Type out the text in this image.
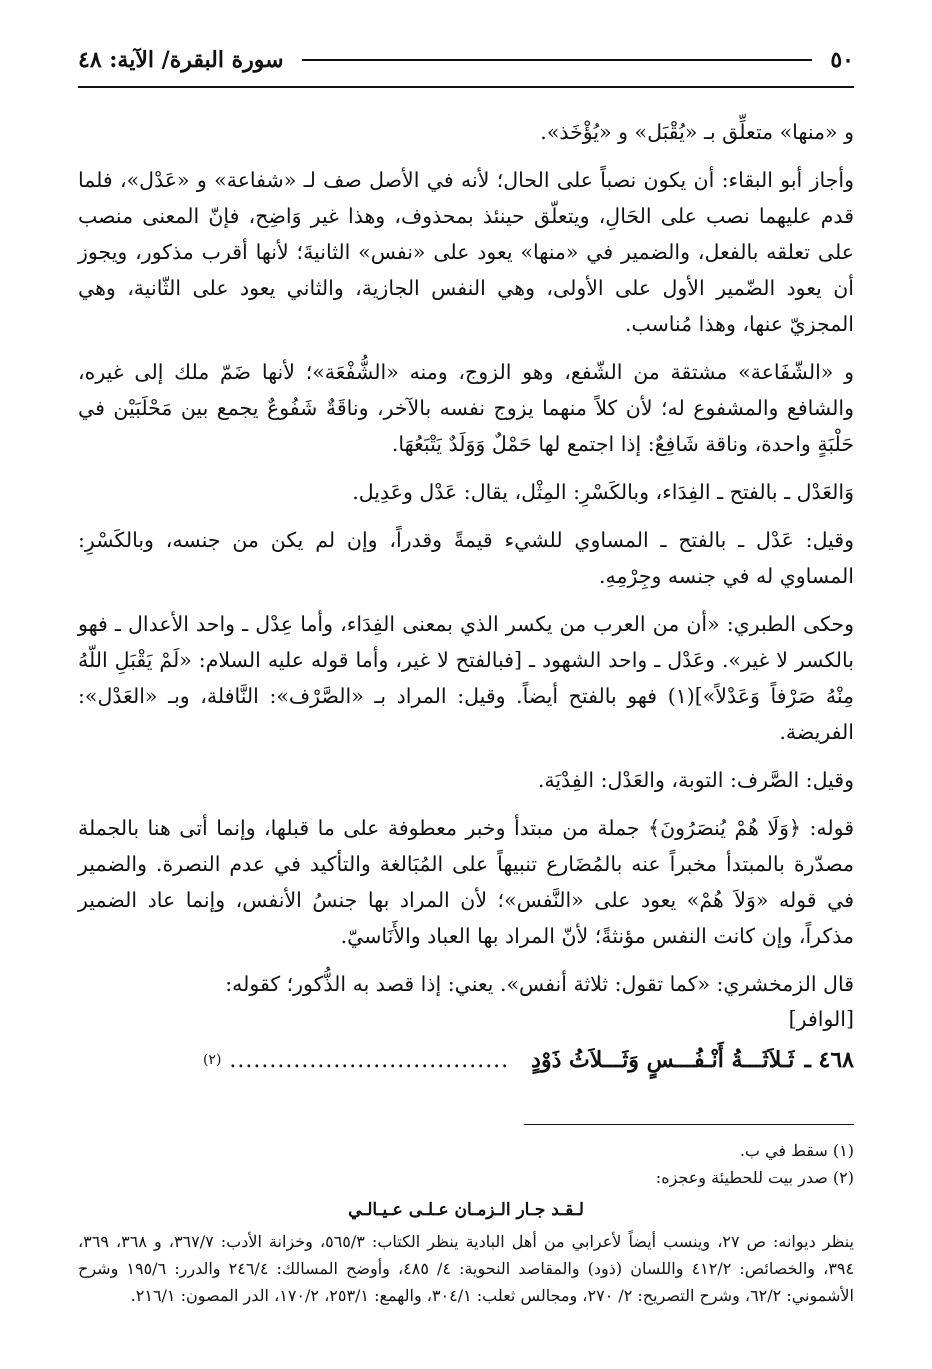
٥٠
سورة البقرة/ الآية: ٤٨

و «منها» متعلِّق بـ «يُقْبَل» و «يُؤْخَذ».

وأجاز أبو البقاء: أن يكون نصباً على الحال؛ لأنه في الأصل صف لـ «شفاعة» و «عَدْل»، فلما قدم عليهما نصب على الحَالِ، ويتعلّق حينئذ بمحذوف، وهذا غير وَاضِح، فإنّ المعنى منصب على تعلقه بالفعل، والضمير في «منها» يعود على «نفس» الثانيةَ؛ لأنها أقرب مذكور، ويجوز أن يعود الضّمير الأول على الأولى، وهي النفس الجازية، والثاني يعود على الثّانية، وهي المجزيّ عنها، وهذا مُناسب.

و «الشّفَاعة» مشتقة من الشّفع، وهو الزوج، ومنه «الشُّفْعَة»؛ لأنها ضَمّ ملك إلى غيره، والشافع والمشفوع له؛ لأن كلاً منهما يزوج نفسه بالآخر، وناقَةٌ شَفُوعٌ يجمع بين مَحْلَبَيْن في حَلْبَةٍ واحدة، وناقة شَافِعٌ: إذا اجتمع لها حَمْلٌ وَوَلَدٌ يَتْبَعُهَا.

وَالعَدْل ـ بالفتح ـ الفِدَاء، وبالكَسْرِ: المِثْل، يقال: عَدْل وعَدِيل.

وقيل: عَدْل ـ بالفتح ـ المساوي للشيء قيمةً وقدراً، وإن لم يكن من جنسه، وبالكَسْرِ: المساوي له في جنسه وجِرْمِهِ.

وحكى الطبري: «أن من العرب من يكسر الذي بمعنى الفِدَاء، وأما عِدْل ـ واحد الأعدال ـ فهو بالكسر لا غير». وعَدْل ـ واحد الشهود ـ [فبالفتح لا غير، وأما قوله عليه السلام: «لَمْ يَقْبَلِ اللّهُ مِنْهُ صَرْفاً وَعَدْلاً»](١) فهو بالفتح أيضاً. وقيل: المراد بـ «الصَّرْف»: النَّافلة، وبـ «العَدْل»: الفريضة.

وقيل: الصَّرف: التوبة، والعَدْل: الفِدْيَة.

قوله: ﴿وَلَا هُمْ يُنصَرُونَ﴾ جملة من مبتدأ وخبر معطوفة على ما قبلها، وإنما أتى هنا بالجملة مصدّرة بالمبتدأ مخبراً عنه بالمُضَارع تنبيهاً على المُبَالغة والتأكيد في عدم النصرة. والضمير في قوله «وَلاَ هُمْ» يعود على «النَّفس»؛ لأن المراد بها جنسُ الأنفس، وإنما عاد الضمير مذكراً، وإن كانت النفس مؤنثةً؛ لأنّ المراد بها العباد والأَنَاسيّ.

قال الزمخشري: «كما تقول: ثلاثة أنفس». يعني: إذا قصد به الذُّكور؛ كقوله:

[الوافر]

٤٦٨ ـ
ثَـلاَثَـــةُ أَنْـفُـــسٍ وَثَـــلاَثُ ذَوْدٍ
...................................
(٢)

(١) سقط في ب.

(٢) صدر بيت للحطيئة وعجزه:

لـقـد جـار الـزمـان عـلـى عـيـالـي

ينظر ديوانه: ص ٢٧، وينسب أيضاً لأعرابي من أهل البادية ينظر الكتاب: ٥٦٥/٣، وخزانة الأدب: ٣٦٧/٧، و ٣٦٨، ٣٦٩، ٣٩٤، والخصائص: ٤١٢/٢ واللسان (ذود) والمقاصد النحوية: ٤/ ٤٨٥، وأوضح المسالك: ٢٤٦/٤ والدرر: ١٩٥/٦ وشرح الأشموني: ٦٢/٢، وشرح التصريح: ٢/ ٢٧٠، ومجالس ثعلب: ٣٠٤/١، والهمع: ٢٥٣/١، ١٧٠/٢، الدر المصون: ٢١٦/١.
